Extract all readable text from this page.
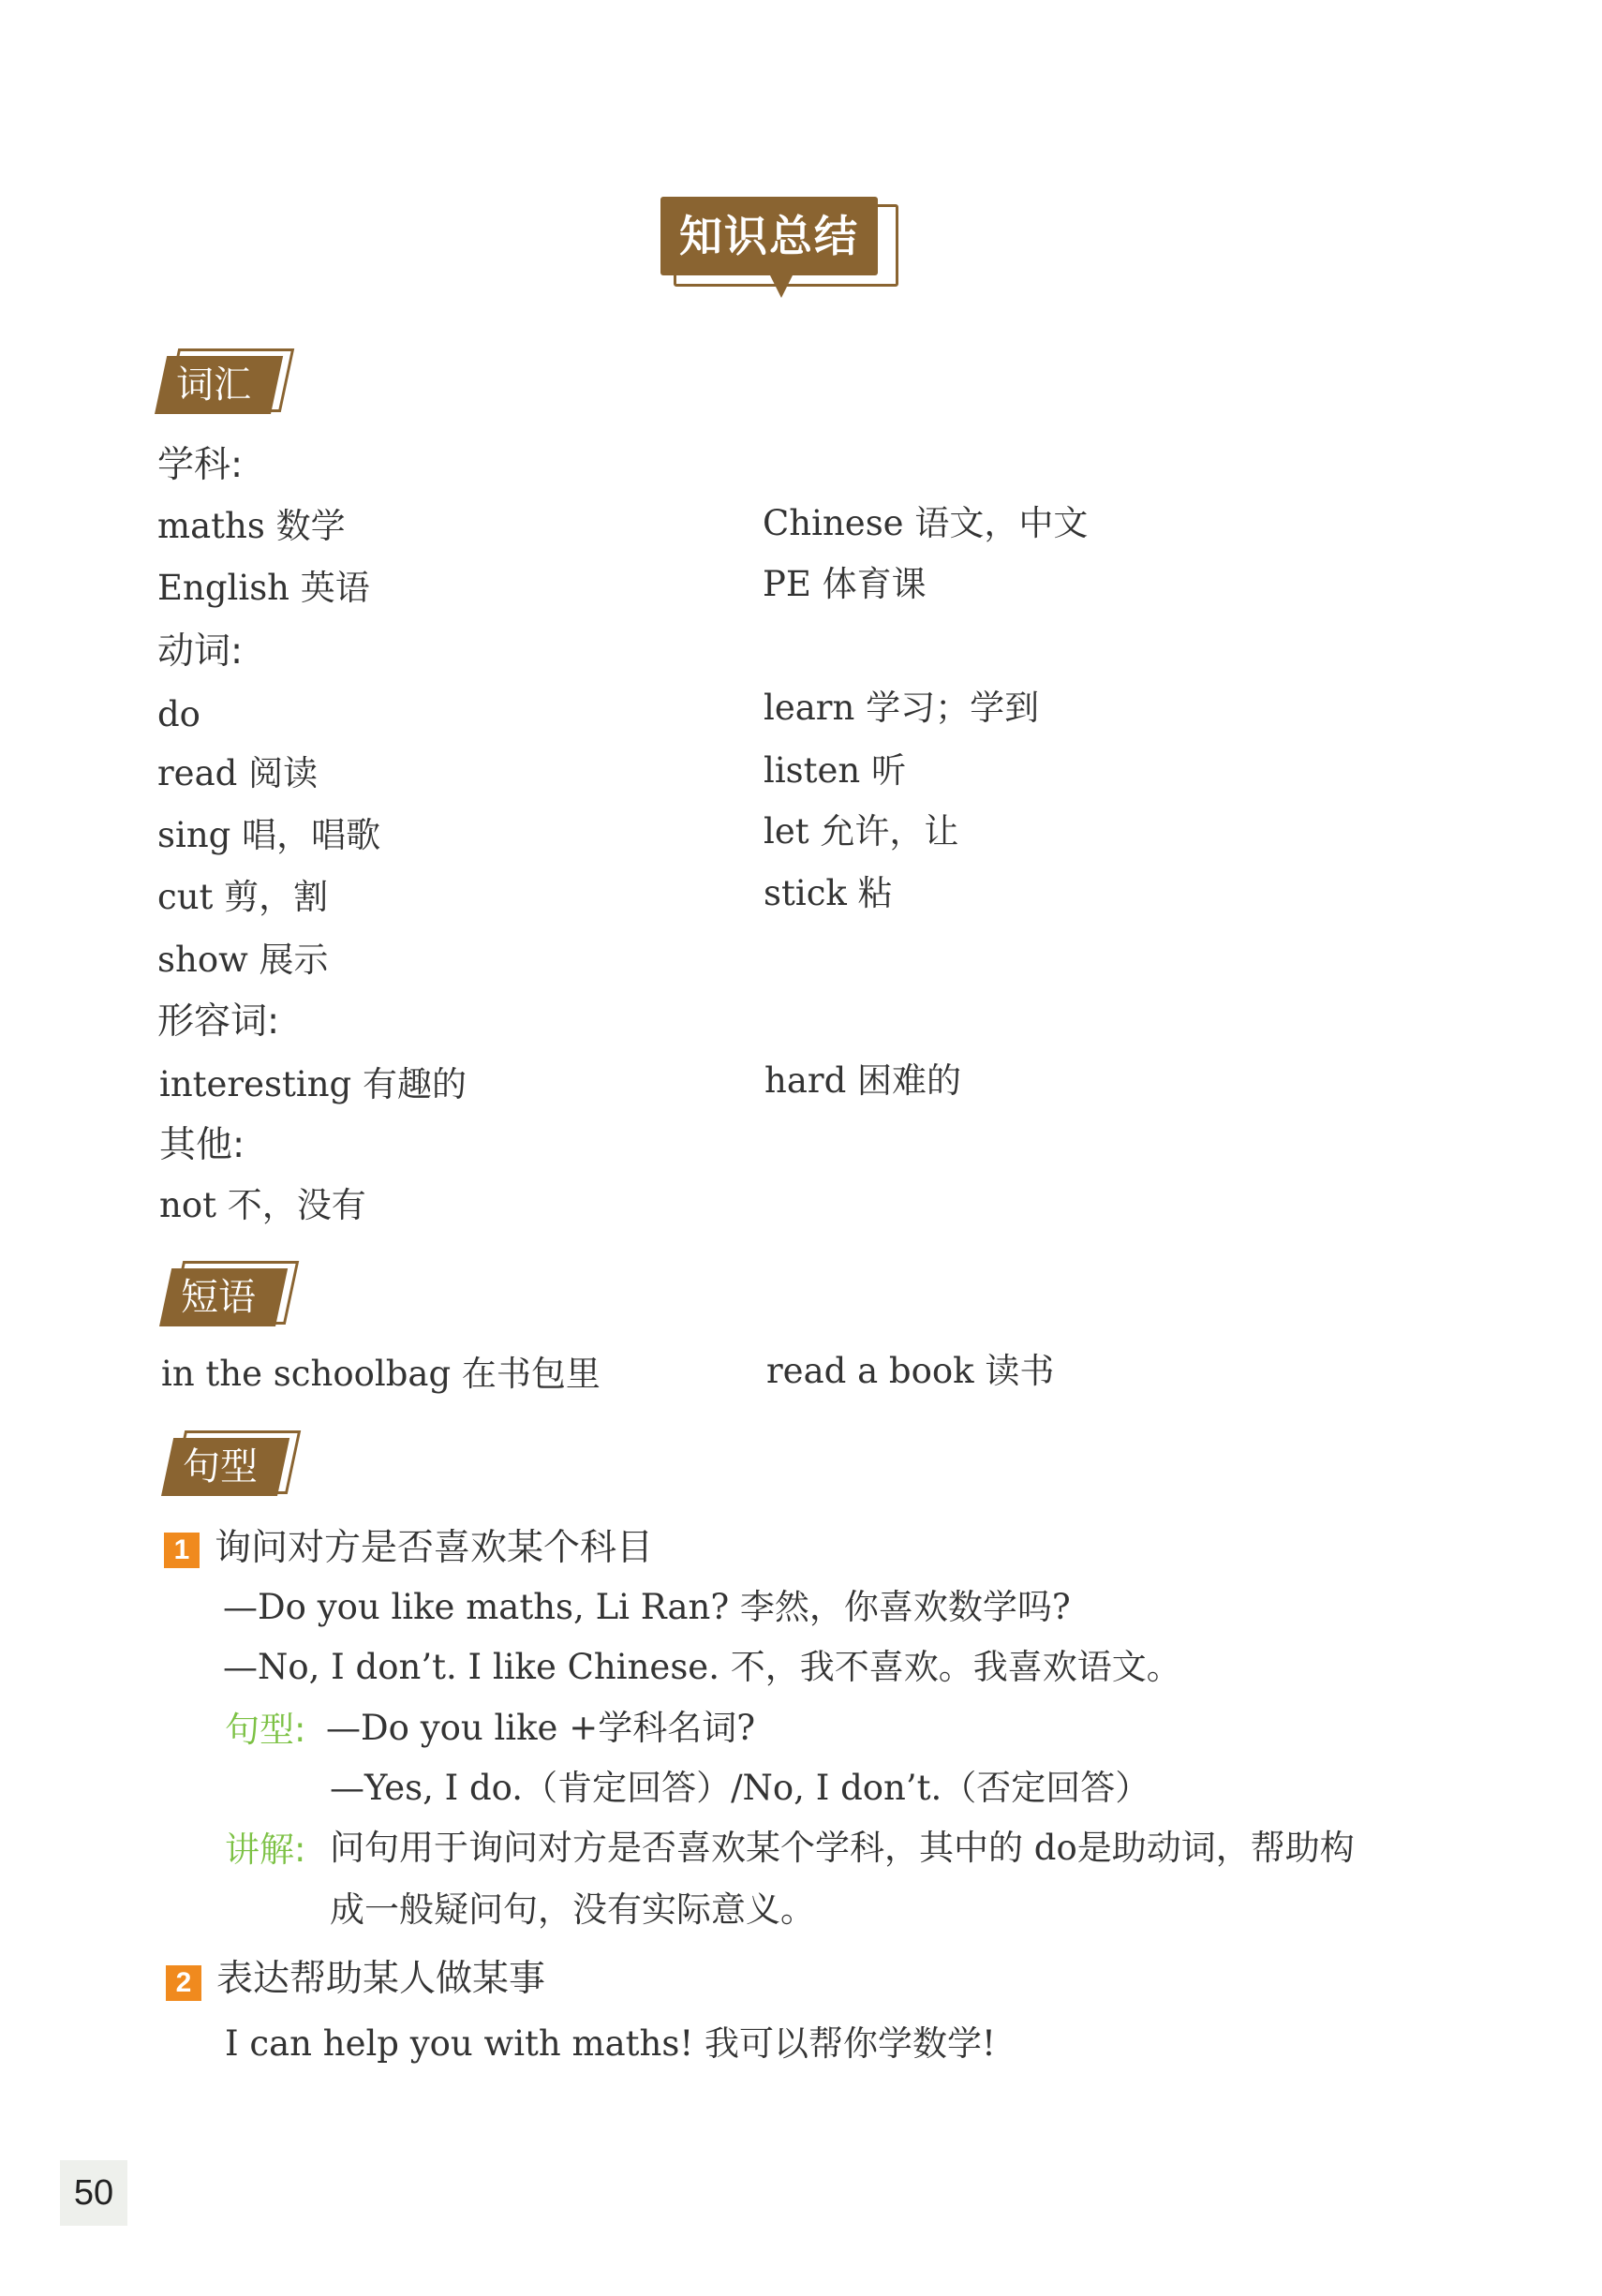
知识总结
词汇
学科:
maths 数学	Chinese 语文，中文
English 英语	PE 体育课
动词:
do	learn 学习；学到
read 阅读	listen 听
sing 唱，唱歌	let 允许，让
cut 剪，割	stick 粘
show 展示
形容词:
interesting 有趣的	hard 困难的
其他:
not 不，没有
短语
in the schoolbag 在书包里	read a book 读书
句型
1 询问对方是否喜欢某个科目
—Do you like maths, Li Ran? 李然，你喜欢数学吗?
—No, I don’t. I like Chinese. 不，我不喜欢。我喜欢语文。
句型: —Do you like +学科名词?
—Yes, I do.（肯定回答）/No, I don’t.（否定回答）
讲解: 问句用于询问对方是否喜欢某个学科，其中的 do是助动词，帮助构
成一般疑问句，没有实际意义。
2 表达帮助某人做某事
I can help you with maths! 我可以帮你学数学!
50
